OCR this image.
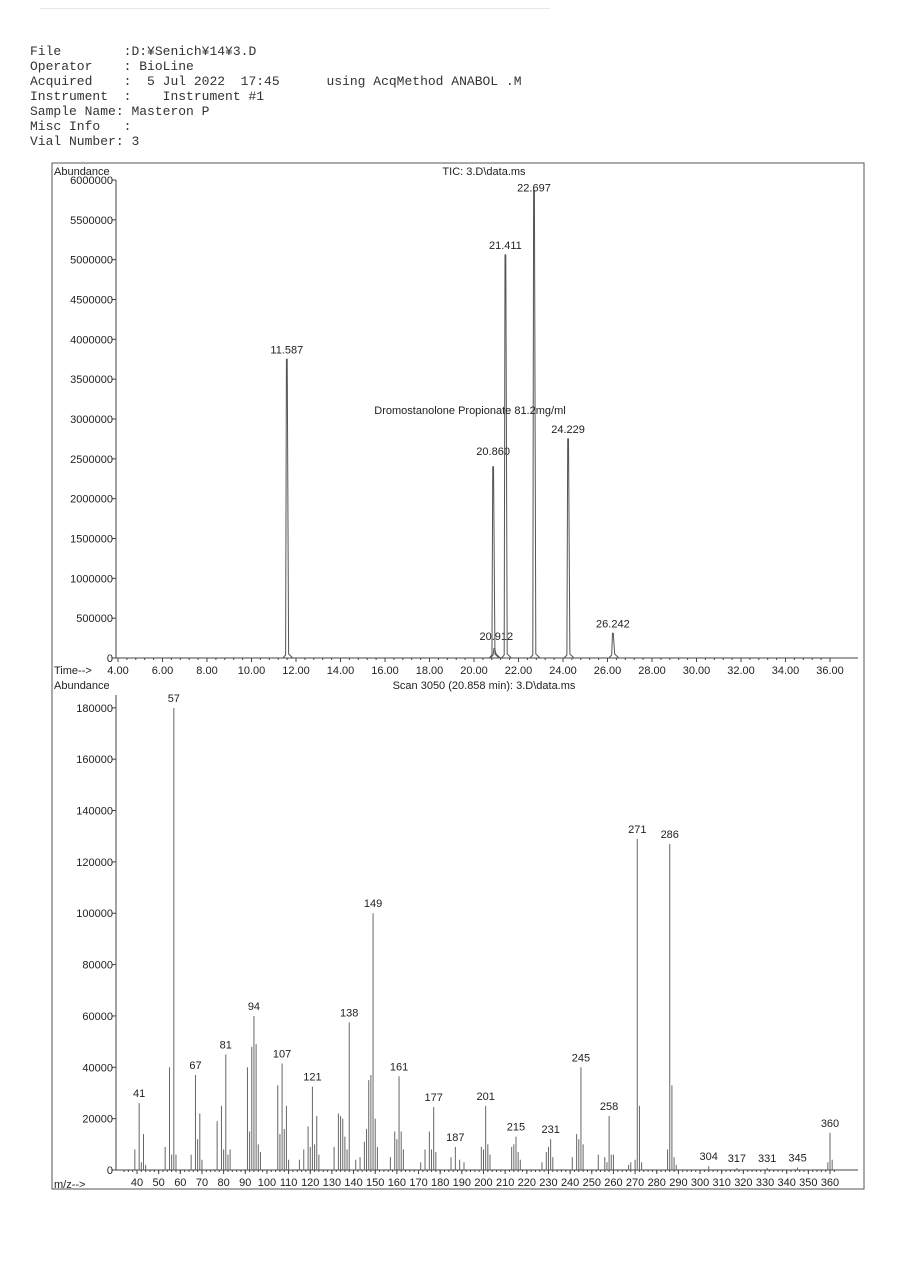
File        :D:¥Senich¥14¥3.D
Operator    : BioLine
Acquired    :  5 Jul 2022  17:45      using AcqMethod ANABOL .M
Instrument  :    Instrument #1
Sample Name: Masteron P
Misc Info   :
Vial Number: 3
Abundance	TIC: 3.D\data.ms
0
500000
1000000
1500000
2000000
2500000
3000000
3500000
4000000
4500000
5000000
5500000
6000000
Time--> 4.00 6.00 8.00 10.00 12.00 14.00 16.00 18.00 20.00 22.00 24.00 26.00 28.00 30.00 32.00 34.00 36.00
11.587
20.860
20.912
21.411
22.697
24.229
26.242
Dromostanolone Propionate 81.2mg/ml
Abundance	Scan 3050 (20.858 min): 3.D\data.ms
0
20000
40000
60000
80000
100000
120000
140000
160000
180000
m/z-->	40 50 60 70 80 90 100 110 120 130 140 150 160 170 180 190 200 210 220 230 240 250 260 270 280 290 300 310 320 330 340 350 360
41
57
67
81
94
107
121
138
149
161
177
187
201
215 231
245
258
271 286
304 317 331 345
360
